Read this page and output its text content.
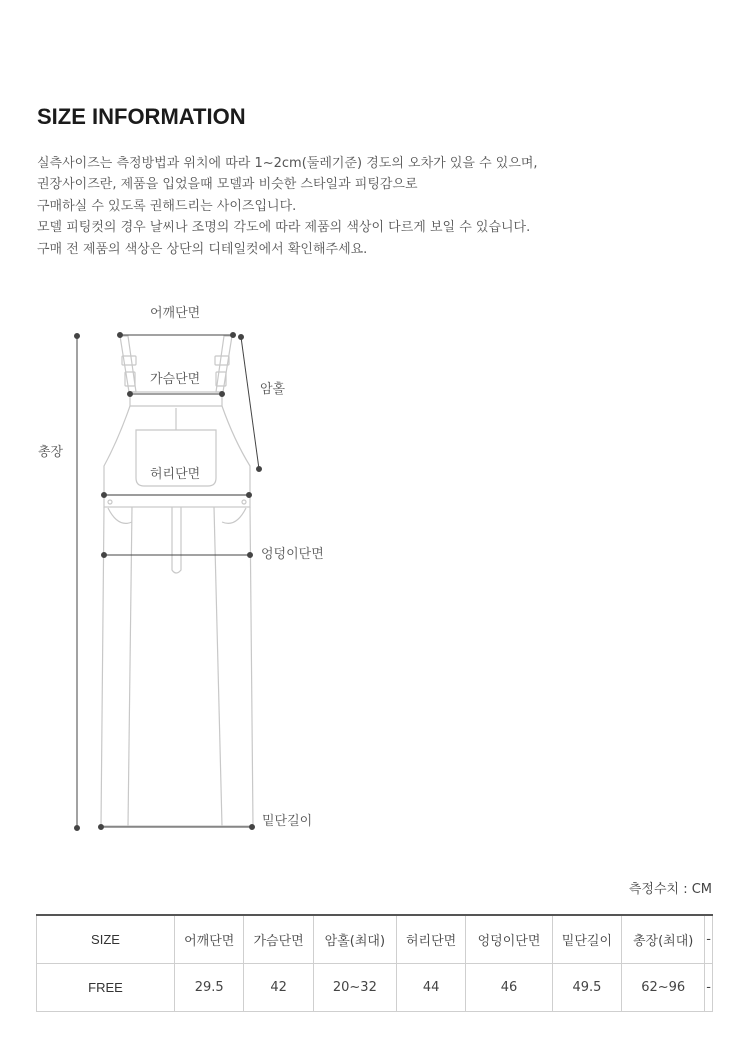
SIZE INFORMATION
실측사이즈는 측정방법과 위치에 따라 1~2cm(둘레기준) 경도의 오차가 있을 수 있으며,
권장사이즈란, 제품을 입었을때 모델과 비슷한 스타일과 피팅감으로
구매하실 수 있도록 권해드리는 사이즈입니다.
모델 피팅컷의 경우 날씨나 조명의 각도에 따라 제품의 색상이 다르게 보일 수 있습니다.
구매 전 제품의 색상은 상단의 디테일컷에서 확인해주세요.
어깨단면
가슴단면
암홀
총장
허리단면
엉덩이단면
밑단길이
측정수치 : CM
SIZE	어깨단면	가슴단면	암홀(최대)	허리단면	엉덩이단면	밑단길이	총장(최대)	-
FREE	29.5	42	20~32	44	46	49.5	62~96	-
